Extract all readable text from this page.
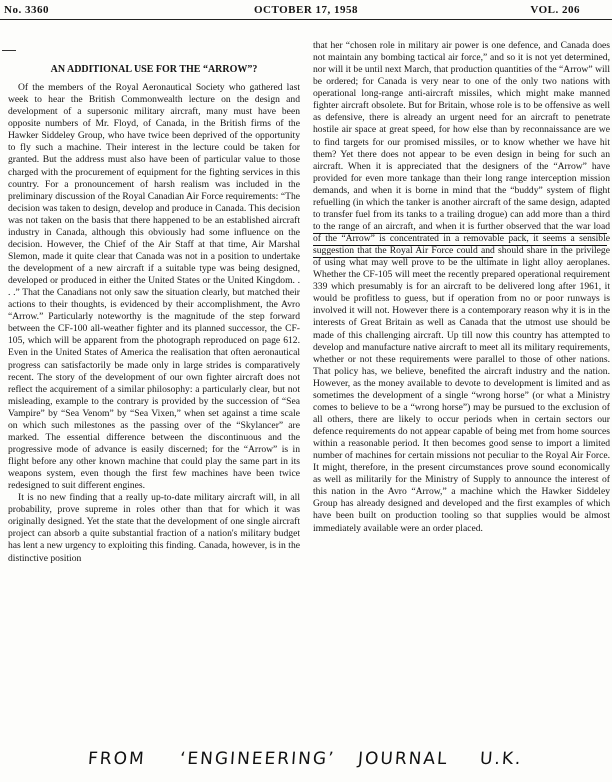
No. 3360	OCTOBER 17, 1958	VOL. 206
AN ADDITIONAL USE FOR THE “ARROW”?

Of the members of the Royal Aeronautical Society who gathered last week to hear the British Commonwealth lecture on the design and development of a supersonic military aircraft, many must have been opposite numbers of Mr. Floyd, of Canada, in the British firms of the Hawker Siddeley Group, who have twice been deprived of the opportunity to fly such a machine. Their interest in the lecture could be taken for granted. But the address must also have been of particular value to those charged with the procurement of equipment for the fighting services in this country. For a pronouncement of harsh realism was included in the preliminary discussion of the Royal Canadian Air Force requirements: “The decision was taken to design, develop and produce in Canada. This decision was not taken on the basis that there happened to be an established aircraft industry in Canada, although this obviously had some influence on the decision. However, the Chief of the Air Staff at that time, Air Marshal Slemon, made it quite clear that Canada was not in a position to undertake the development of a new aircraft if a suitable type was being designed, developed or produced in either the United States or the United Kingdom. . . .” That the Canadians not only saw the situation clearly, but matched their actions to their thoughts, is evidenced by their accomplishment, the Avro “Arrow.” Particularly noteworthy is the magnitude of the step forward between the CF-100 all-weather fighter and its planned successor, the CF-105, which will be apparent from the photograph reproduced on page 612. Even in the United States of America the realisation that often aeronautical progress can satisfactorily be made only in large strides is comparatively recent. The story of the development of our own fighter aircraft does not reflect the acquirement of a similar philosophy: a particularly clear, but not misleading, example to the contrary is provided by the succession of “Sea Vampire” by “Sea Venom” by “Sea Vixen,” when set against a time scale on which such milestones as the passing over of the “Skylancer” are marked. The essential difference between the discontinuous and the progressive mode of advance is easily discerned; for the “Arrow” is in flight before any other known machine that could play the same part in its weapons system, even though the first few machines have been twice redesigned to suit different engines.

It is no new finding that a really up-to-date military aircraft will, in all probability, prove supreme in roles other than that for which it was originally designed. Yet the state that the development of one single aircraft project can absorb a quite substantial fraction of a nation's military budget has lent a new urgency to exploiting this finding. Canada, however, is in the distinctive position

that her “chosen role in military air power is one defence, and Canada does not maintain any bombing tactical air force,” and so it is not yet determined, nor will it be until next March, that production quantities of the “Arrow” will be ordered; for Canada is very near to one of the only two nations with operational long-range anti-aircraft missiles, which might make manned fighter aircraft obsolete. But for Britain, whose role is to be offensive as well as defensive, there is already an urgent need for an aircraft to penetrate hostile air space at great speed, for how else than by reconnaissance are we to find targets for our promised missiles, or to know whether we have hit them? Yet there does not appear to be even design in being for such an aircraft. When it is appreciated that the designers of the “Arrow” have provided for even more tankage than their long range interception mission demands, and when it is borne in mind that the “buddy” system of flight refuelling (in which the tanker is another aircraft of the same design, adapted to transfer fuel from its tanks to a trailing drogue) can add more than a third to the range of an aircraft, and when it is further observed that the war load of the “Arrow” is concentrated in a removable pack, it seems a sensible suggestion that the Royal Air Force could and should share in the privilege of using what may well prove to be the ultimate in light alloy aeroplanes. Whether the CF-105 will meet the recently prepared operational requirement 339 which presumably is for an aircraft to be delivered long after 1961, it would be profitless to guess, but if operation from no or poor runways is involved it will not. However there is a contemporary reason why it is in the interests of Great Britain as well as Canada that the utmost use should be made of this challenging aircraft. Up till now this country has attempted to develop and manufacture native aircraft to meet all its military requirements, whether or not these requirements were parallel to those of other nations. That policy has, we believe, benefited the aircraft industry and the nation. However, as the money available to devote to development is limited and as sometimes the development of a single “wrong horse” (or what a Ministry comes to believe to be a “wrong horse”) may be pursued to the exclusion of all others, there are likely to occur periods when in certain sectors our defence requirements do not appear capable of being met from home sources within a reasonable period. It then becomes good sense to import a limited number of machines for certain missions not peculiar to the Royal Air Force. It might, therefore, in the present circumstances prove sound economically as well as militarily for the Ministry of Supply to announce the interest of this nation in the Avro “Arrow,” a machine which the Hawker Siddeley Group has already designed and developed and the first examples of which have been built on production tooling so that supplies would be almost immediately available were an order placed.

FROM ‘ENGINEERING’ JOURNAL U.K.
